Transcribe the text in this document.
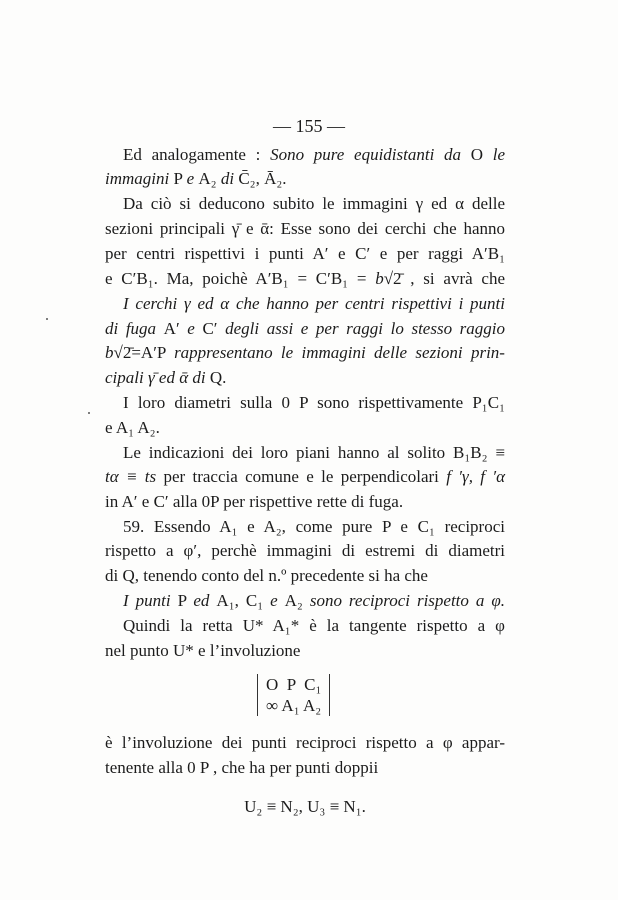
— 155 —
Ed analogamente : Sono pure equidistanti da O le
immagini P e A₂ di C̄₂, Ā₂.
Da ciò si deducono subito le immagini γ ed α delle
sezioni principali γ̄ e ᾱ: Esse sono dei cerchi che hanno
per centri rispettivi i punti A′ e C′ e per raggi A′B₁
e C′B₁. Ma, poichè A′B₁ = C′B₁ = b√2̄ , si avrà che
I cerchi γ ed α che hanno per centri rispettivi i punti
di fuga A′ e C′ degli assi e per raggi lo stesso raggio
b√2̄=A′P rappresentano le immagini delle sezioni prin-
cipali γ̄ ed ᾱ di Q.
I loro diametri sulla 0 P sono rispettivamente P₁C₁
e A₁ A₂.
Le indicazioni dei loro piani hanno al solito B₁B₂ ≡
tα ≡ ts per traccia comune e le perpendicolari f ′γ, f ′α
in A′ e C′ alla 0P per rispettive rette di fuga.
59. Essendo A₁ e A₂, come pure P e C₁ reciproci
rispetto a φ′, perchè immagini di estremi di diametri
di Q, tenendo conto del n.º precedente si ha che
I punti P ed A₁, C₁ e A₂ sono reciproci rispetto a φ.
Quindi la retta U* A₁* è la tangente rispetto a φ
nel punto U* e l’involuzione
è l’involuzione dei punti reciproci rispetto a φ appar-
tenente alla 0 P , che ha per punti doppii
U₂ ≡ N₂, U₃ ≡ N₁.
O  P  C₁
∞ A₁ A₂
